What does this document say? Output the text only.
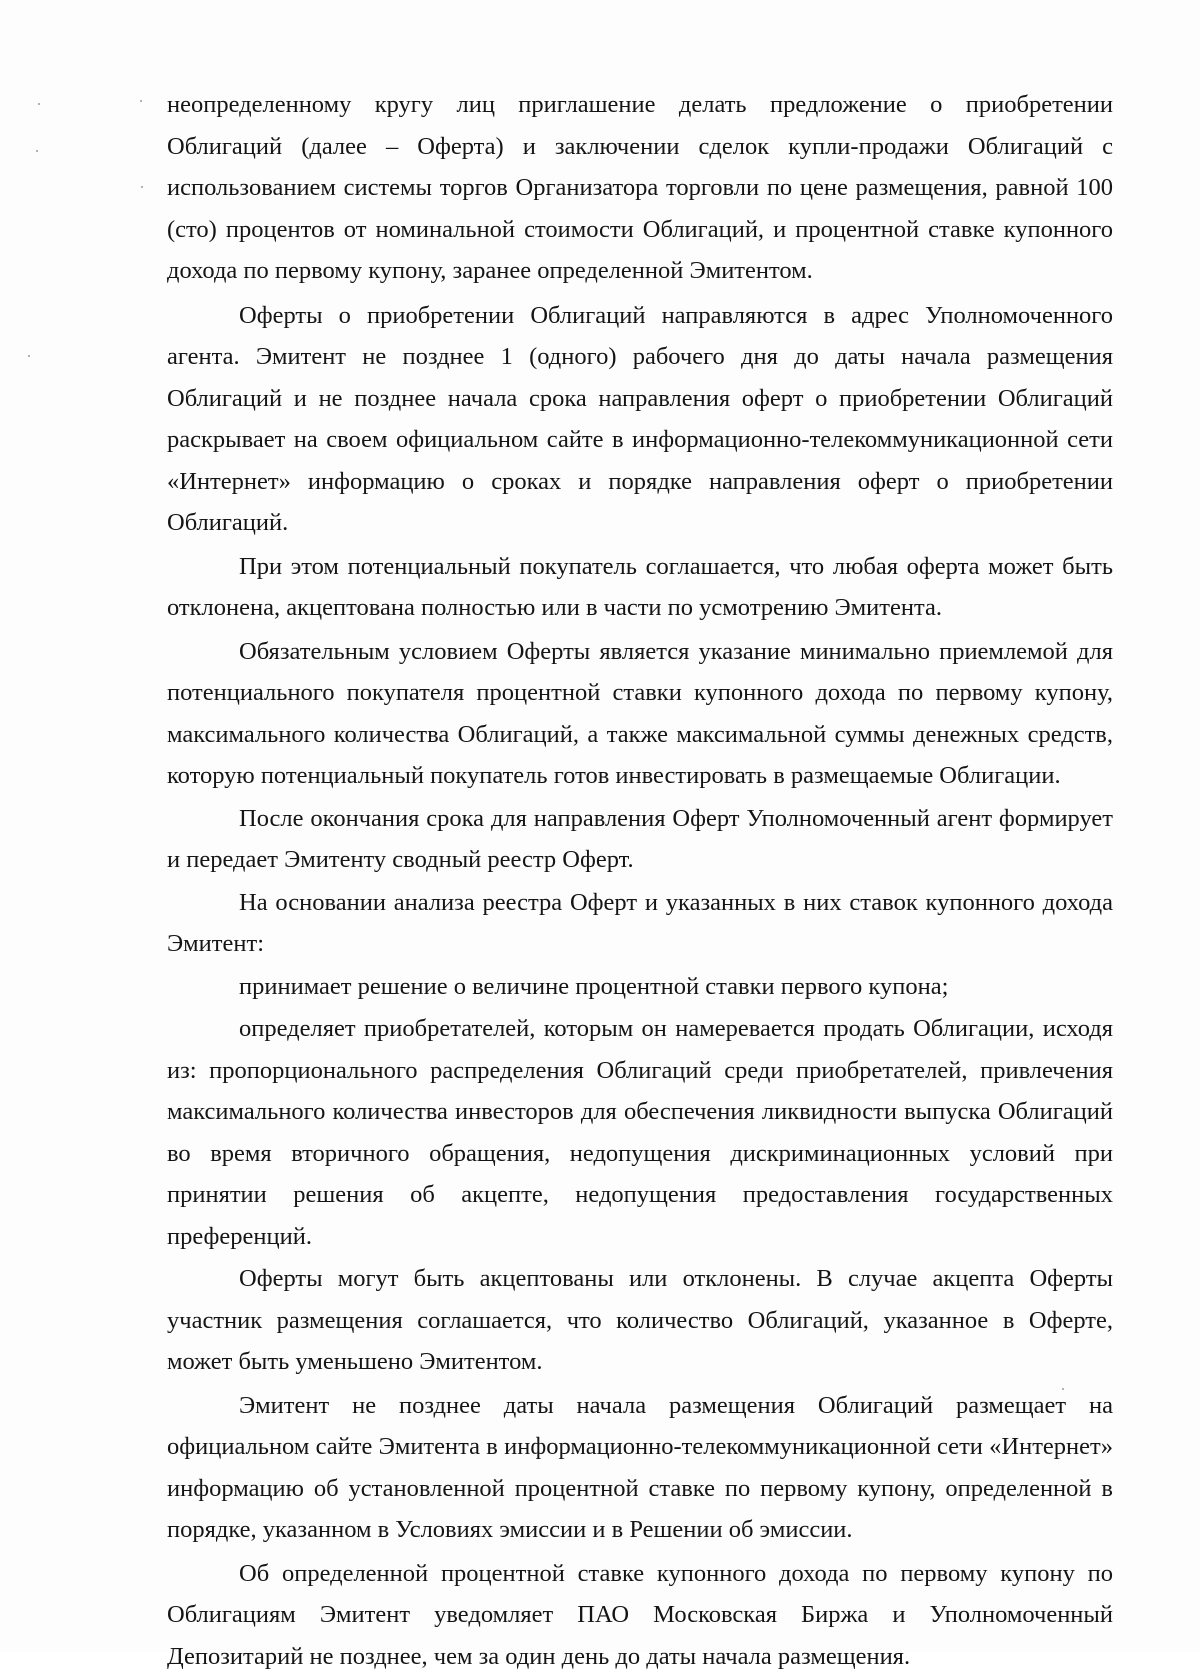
неопределенному кругу лиц приглашение делать предложение о приобретении Облигаций (далее – Оферта) и заключении сделок купли-продажи Облигаций с использованием системы торгов Организатора торговли по цене размещения, равной 100 (сто) процентов от номинальной стоимости Облигаций, и процентной ставке купонного дохода по первому купону, заранее определенной Эмитентом.

Оферты о приобретении Облигаций направляются в адрес Уполномоченного агента. Эмитент не позднее 1 (одного) рабочего дня до даты начала размещения Облигаций и не позднее начала срока направления оферт о приобретении Облигаций раскрывает на своем официальном сайте в информационно-телекоммуникационной сети «Интернет» информацию о сроках и порядке направления оферт о приобретении Облигаций.

При этом потенциальный покупатель соглашается, что любая оферта может быть отклонена, акцептована полностью или в части по усмотрению Эмитента.

Обязательным условием Оферты является указание минимально приемлемой для потенциального покупателя процентной ставки купонного дохода по первому купону, максимального количества Облигаций, а также максимальной суммы денежных средств, которую потенциальный покупатель готов инвестировать в размещаемые Облигации.

После окончания срока для направления Оферт Уполномоченный агент формирует и передает Эмитенту сводный реестр Оферт.

На основании анализа реестра Оферт и указанных в них ставок купонного дохода Эмитент:

принимает решение о величине процентной ставки первого купона;

определяет приобретателей, которым он намеревается продать Облигации, исходя из: пропорционального распределения Облигаций среди приобретателей, привлечения максимального количества инвесторов для обеспечения ликвидности выпуска Облигаций во время вторичного обращения, недопущения дискриминационных условий при принятии решения об акцепте, недопущения предоставления государственных преференций.

Оферты могут быть акцептованы или отклонены. В случае акцепта Оферты участник размещения соглашается, что количество Облигаций, указанное в Оферте, может быть уменьшено Эмитентом.

Эмитент не позднее даты начала размещения Облигаций размещает на официальном сайте Эмитента в информационно-телекоммуникационной сети «Интернет» информацию об установленной процентной ставке по первому купону, определенной в порядке, указанном в Условиях эмиссии и в Решении об эмиссии.

Об определенной процентной ставке купонного дохода по первому купону по Облигациям Эмитент уведомляет ПАО Московская Биржа и Уполномоченный Депозитарий не позднее, чем за один день до даты начала размещения.
